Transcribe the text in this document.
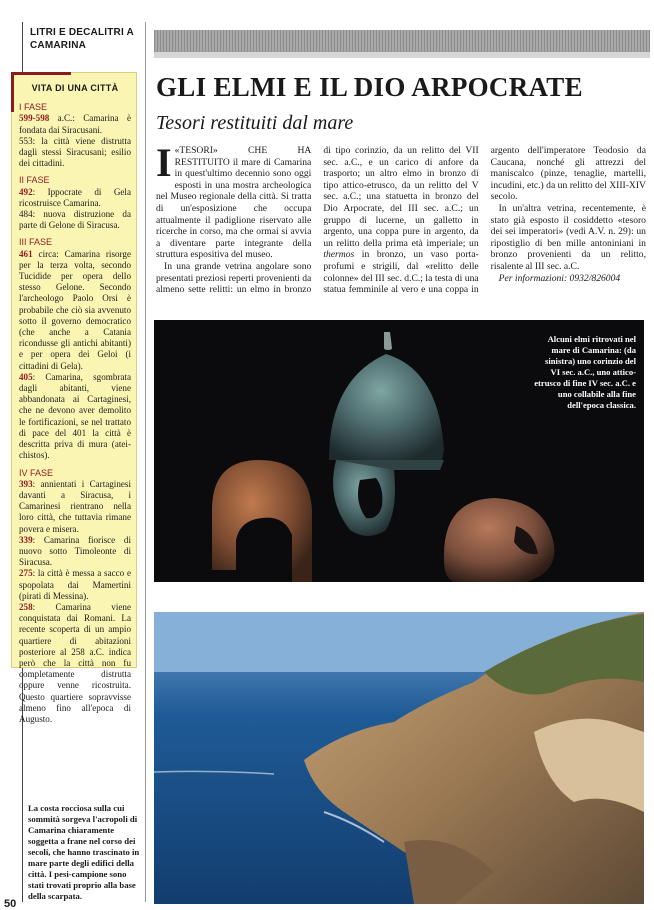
LITRI E DECALITRI A CAMARINA
VITA DI UNA CITTÀ
I FASE

599-598 a.C.: Camarina è fondata dai Siracusani.

553: la città viene distrutta dagli stessi Siracusani; esilio dei cittadini.

II FASE

492: Ippocrate di Gela ricostruisce Camarina.

484: nuova distruzione da parte di Gelone di Siracusa.

III FASE

461 circa: Camarina risorge per la terza volta, secondo Tucidide per opera dello stesso Gelone. Secondo l'archeologo Paolo Orsi è probabile che ciò sia avvenuto sotto il governo democratico (che anche a Catania ricondusse gli antichi abitanti) e per opera dei Geloi (i cittadini di Gela).

405: Camarina, sgombrata dagli abitanti, viene abbandonata ai Cartaginesi, che ne devono aver demolito le fortificazioni, se nel trattato di pace del 401 la città è descritta priva di mura (atei-chistos).

IV FASE

393: annientati i Cartaginesi davanti a Siracusa, i Camarinesi rientrano nella loro città, che tuttavia rimane povera e misera.

339: Camarina fiorisce di nuovo sotto Timoleonte di Siracusa.

275: la città è messa a sacco e spopolata dai Mamertini (pirati di Messina).

258: Camarina viene conquistata dai Romani. La recente scoperta di un ampio quartiere di abitazioni posteriore al 258 a.C. indica però che la città non fu completamente distrutta oppure venne ricostruita. Questo quartiere sopravvisse almeno fino all'epoca di Augusto.

GLI ELMI E IL DIO ARPOCRATE
Tesori restituiti dal mare

I «TESORI» CHE HA RESTITUITO il mare di Camarina in quest'ultimo decennio sono oggi esposti in una mostra archeologica nel Museo regionale della città. Si tratta di un'esposizione che occupa attualmente il padiglione riservato alle ricerche in corso, ma che ormai si avvia a diventare parte integrante della struttura espositiva del museo.

In una grande vetrina angolare sono presentati preziosi reperti provenienti da almeno sette relitti: un elmo in bronzo di tipo corinzio, da un relitto del VII sec. a.C., e un carico di anfore da trasporto; un altro elmo in bronzo di tipo attico-etrusco, da un relitto del V sec. a.C.; una statuetta in bronzo del Dio Arpocrate, del III sec. a.C.; un gruppo di lucerne, un galletto in argento, una coppa pure in argento, da un relitto della prima età imperiale; un thermos in bronzo, un vaso porta-profumi e strigili, dal «relitto delle colonne» del III sec. d.C.; la testa di una statua femminile al vero e una coppa in argento dell'imperatore Teodosio da Caucana, nonché gli attrezzi del maniscalco (pinze, tenaglie, martelli, incudini, etc.) da un relitto del XIII-XIV secolo.

In un'altra vetrina, recentemente, è stato già esposto il cosiddetto «tesoro dei sei imperatori» (vedi A.V. n. 29): un ripostiglio di ben mille antoniniani in bronzo provenienti da un relitto, risalente al III sec. a.C.

Per informazioni: 0932/826004

Alcuni elmi ritrovati nel mare di Camarina: (da sinistra) uno corinzio del VI sec. a.C., uno attico-etrusco di fine IV sec. a.C. e uno collabile alla fine dell'epoca classica.
La costa rocciosa sulla cui sommità sorgeva l'acropoli di Camarina chiaramente soggetta a frane nel corso dei secoli, che hanno trascinato in mare parte degli edifici della città. I pesi-campione sono stati trovati proprio alla base della scarpata.
50
